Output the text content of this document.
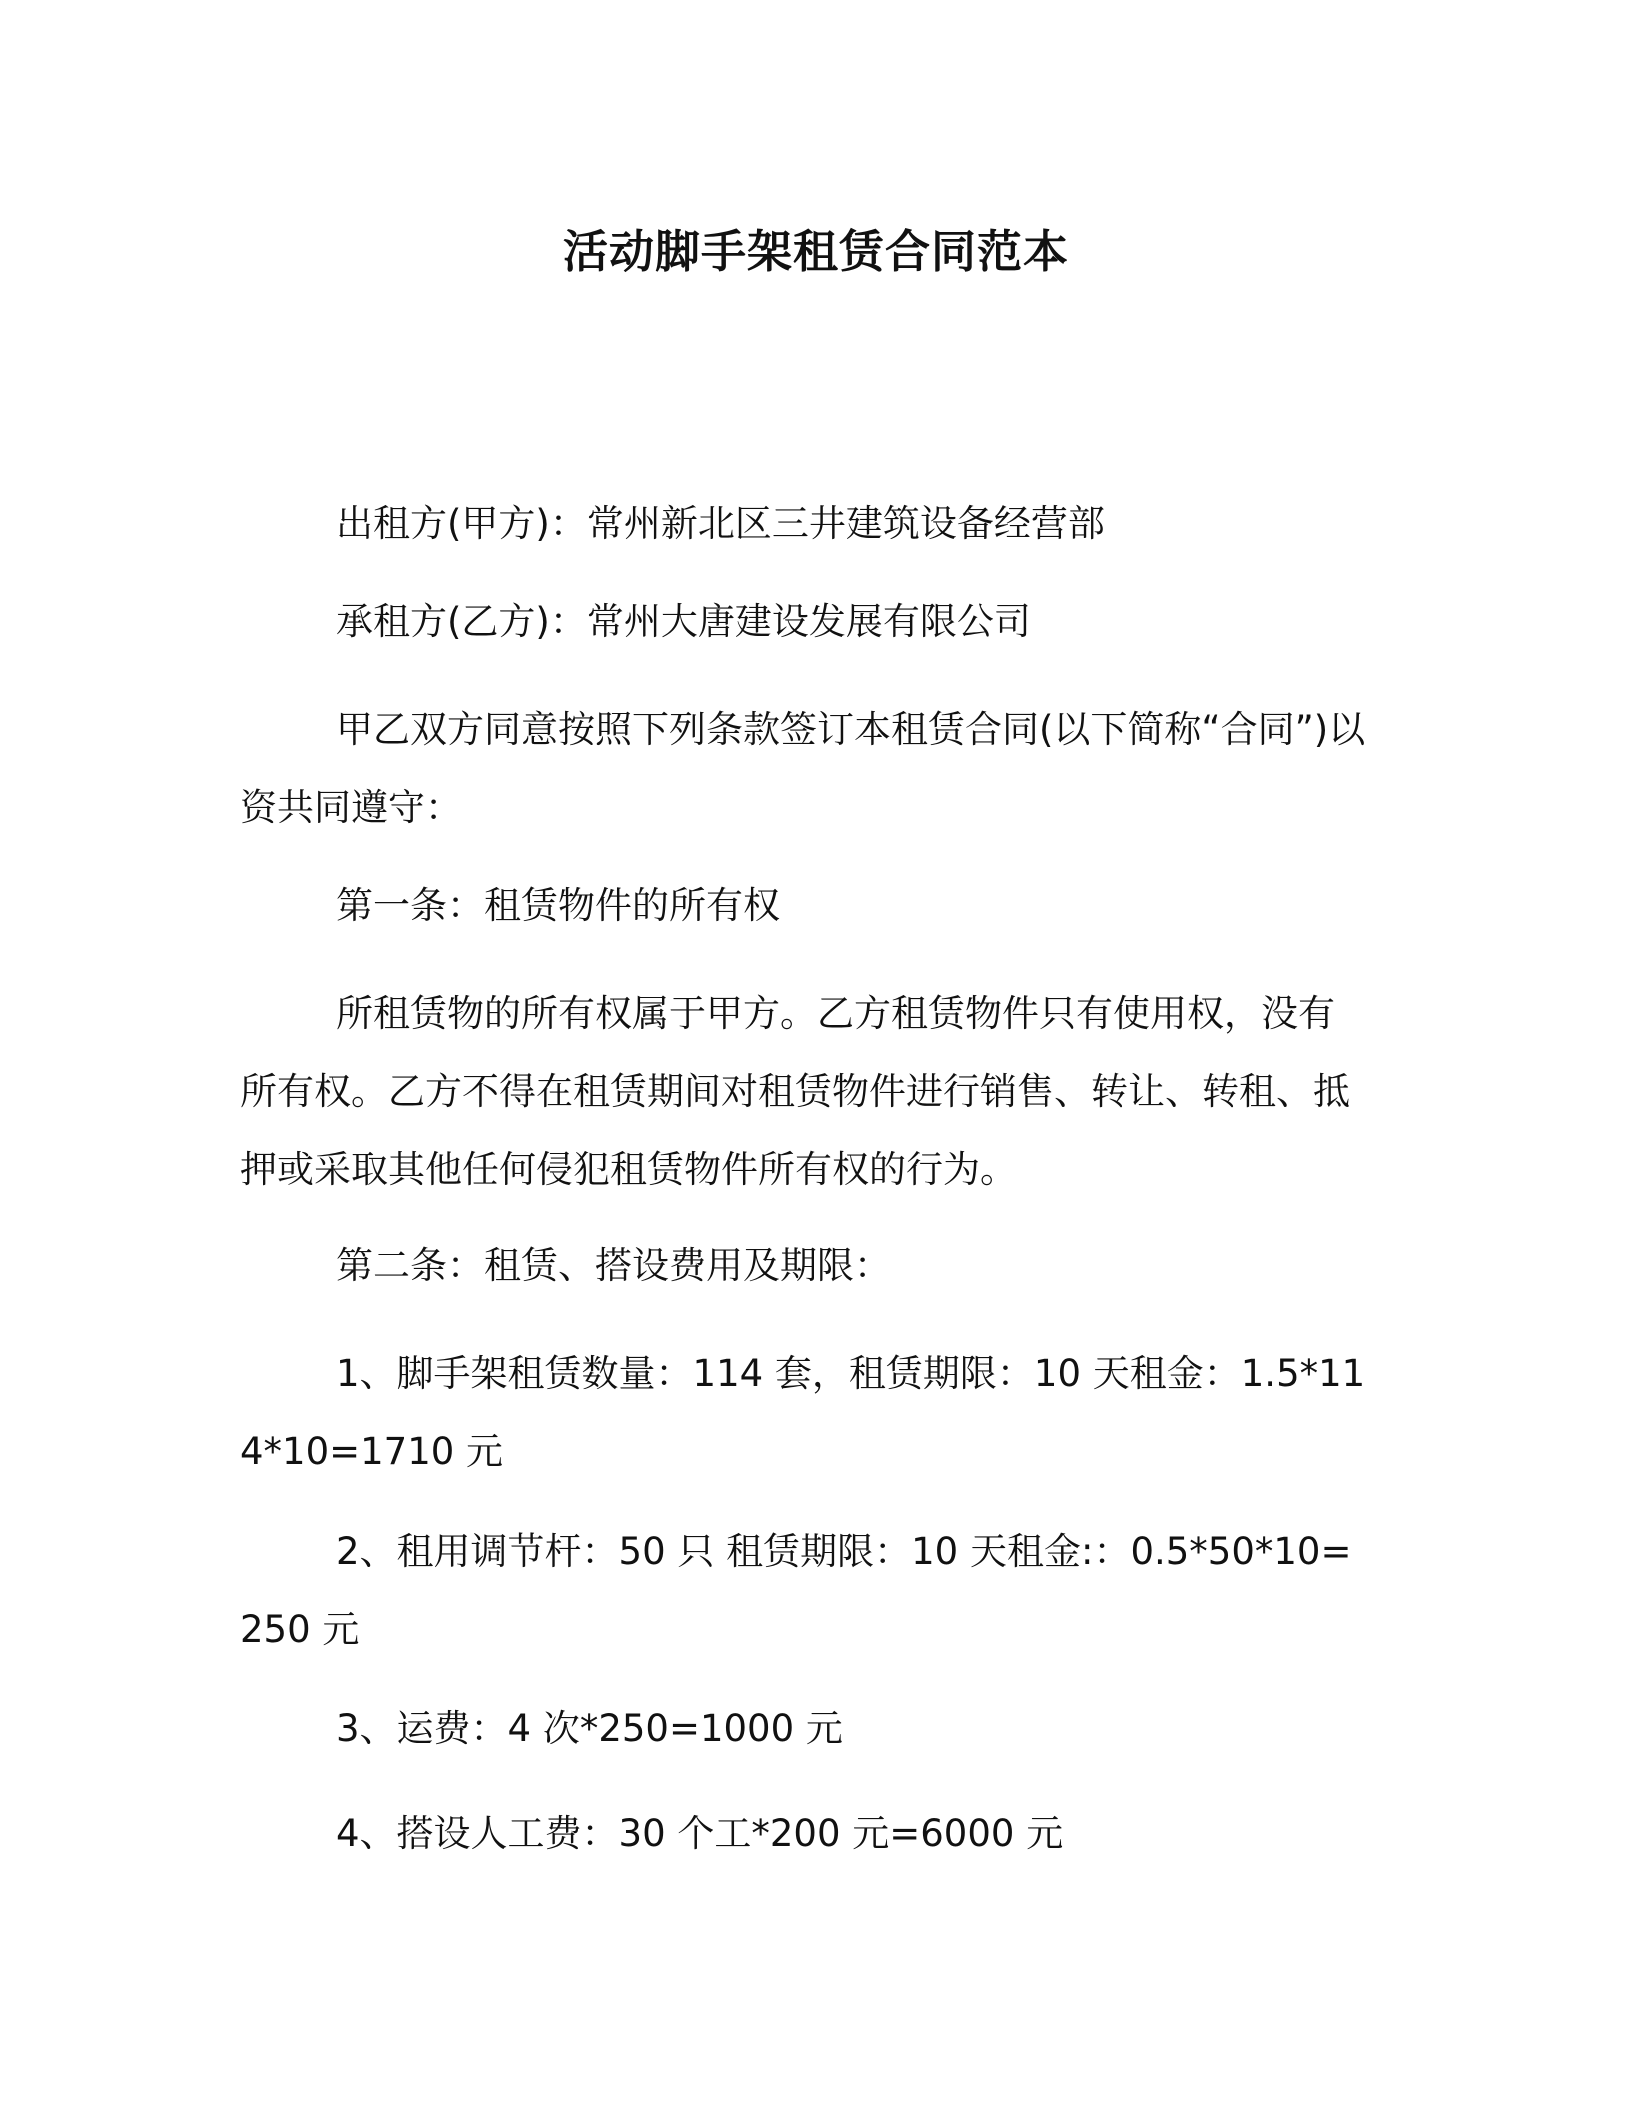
活动脚手架租赁合同范本

出租方(甲方)：常州新北区三井建筑设备经营部

承租方(乙方)：常州大唐建设发展有限公司

甲乙双方同意按照下列条款签订本租赁合同(以下简称“合同”)以资共同遵守：

第一条：租赁物件的所有权

所租赁物的所有权属于甲方。乙方租赁物件只有使用权，没有所有权。乙方不得在租赁期间对租赁物件进行销售、转让、转租、抵押或采取其他任何侵犯租赁物件所有权的行为。

第二条：租赁、搭设费用及期限：

1、脚手架租赁数量：114 套，租赁期限：10 天租金：1.5*114*10=1710 元

2、租用调节杆：50 只 租赁期限：10 天租金:：0.5*50*10=250 元

3、运费：4 次*250=1000 元

4、搭设人工费：30 个工*200 元=6000 元
